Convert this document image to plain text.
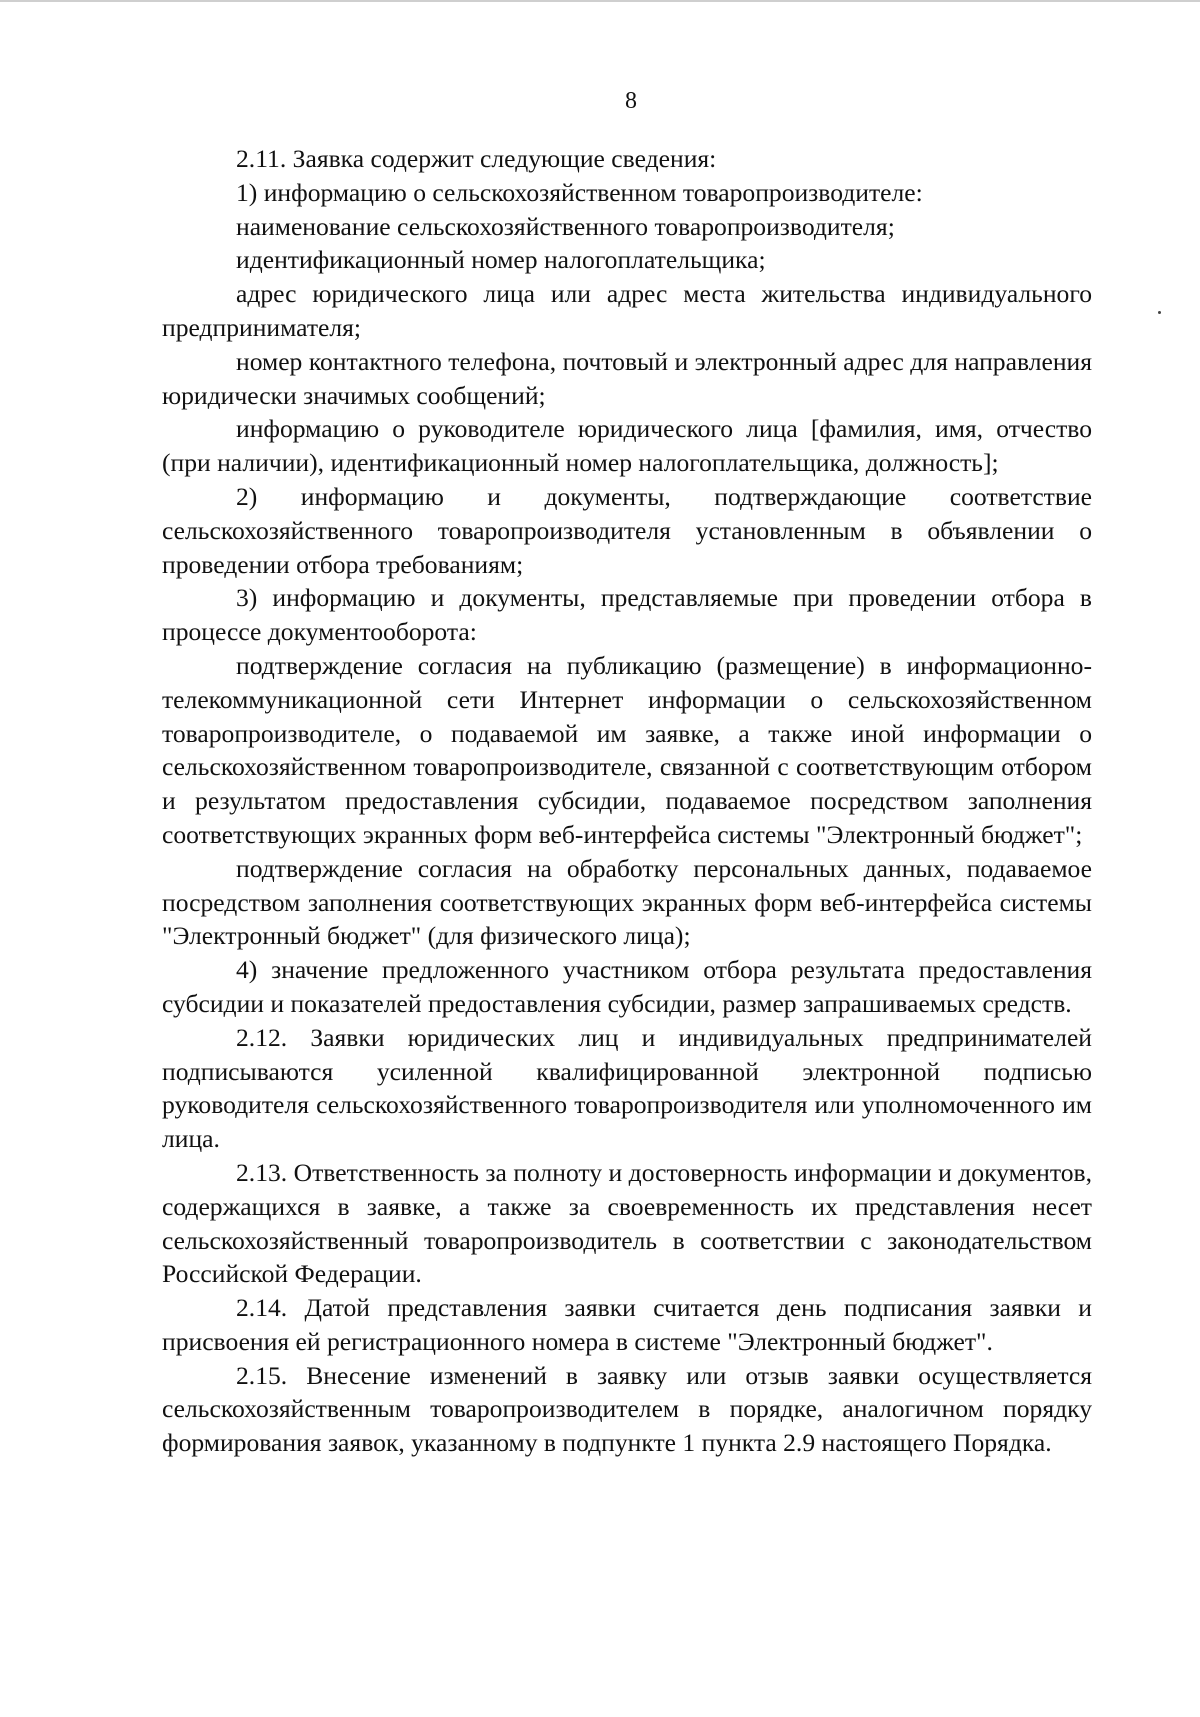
8

2.11. Заявка содержит следующие сведения:

1) информацию о сельскохозяйственном товаропроизводителе:

наименование сельскохозяйственного товаропроизводителя;

идентификационный номер налогоплательщика;

адрес юридического лица или адрес места жительства индивидуального предпринимателя;

номер контактного телефона, почтовый и электронный адрес для направления юридически значимых сообщений;

информацию о руководителе юридического лица [фамилия, имя, отчество (при наличии), идентификационный номер налогоплательщика, должность];

2) информацию и документы, подтверждающие соответствие сельскохозяйственного товаропроизводителя установленным в объявлении о проведении отбора требованиям;

3) информацию и документы, представляемые при проведении отбора в процессе документооборота:

подтверждение согласия на публикацию (размещение) в информационно-телекоммуникационной сети Интернет информации о сельскохозяйственном товаропроизводителе, о подаваемой им заявке, а также иной информации о сельскохозяйственном товаропроизводителе, связанной с соответствующим отбором и результатом предоставления субсидии, подаваемое посредством заполнения соответствующих экранных форм веб-интерфейса системы "Электронный бюджет";

подтверждение согласия на обработку персональных данных, подаваемое посредством заполнения соответствующих экранных форм веб-интерфейса системы "Электронный бюджет" (для физического лица);

4) значение предложенного участником отбора результата предоставления субсидии и показателей предоставления субсидии, размер запрашиваемых средств.

2.12. Заявки юридических лиц и индивидуальных предпринимателей подписываются усиленной квалифицированной электронной подписью руководителя сельскохозяйственного товаропроизводителя или уполномоченного им лица.

2.13. Ответственность за полноту и достоверность информации и документов, содержащихся в заявке, а также за своевременность их представления несет сельскохозяйственный товаропроизводитель в соответствии с законодательством Российской Федерации.

2.14. Датой представления заявки считается день подписания заявки и присвоения ей регистрационного номера в системе "Электронный бюджет".

2.15. Внесение изменений в заявку или отзыв заявки осуществляется сельскохозяйственным товаропроизводителем в порядке, аналогичном порядку формирования заявок, указанному в подпункте 1 пункта 2.9 настоящего Порядка.
